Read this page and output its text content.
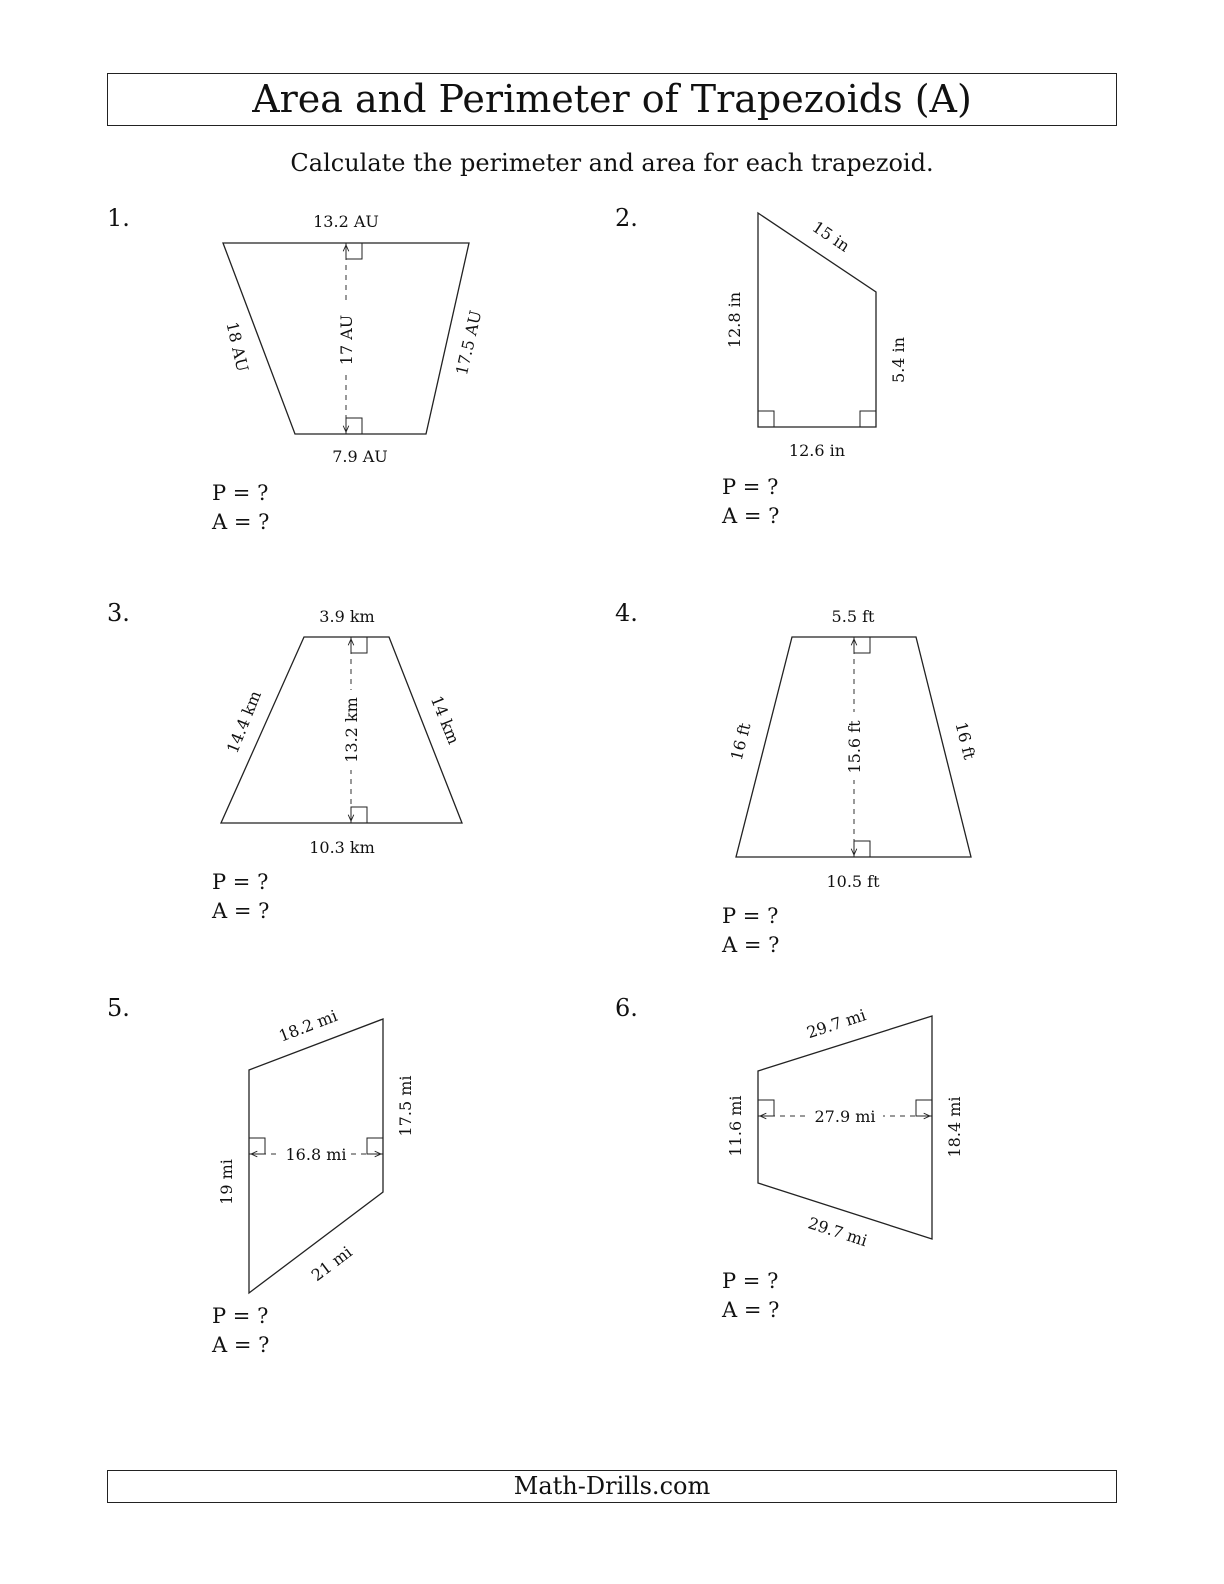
Area and Perimeter of Trapezoids (A)
Calculate the perimeter and area for each trapezoid.
1.	2.
3.	4.
5.	6.
P = ?
A = ?
P = ?
A = ?
P = ?
A = ?	P = ?
A = ?
P = ?
A = ?
P = ?
A = ?
13.2 AU
7.9 AU
18 AU	17.5 AU
17 AU
15 in
12.8 in
5.4 in
12.6 in
3.9 km
10.3 km
14.4 km	14 km
13.2 km
5.5 ft
10.5 ft
16 ft	16 ft
15.6 ft
18.2 mi
17.5 mi
19 mi
21 mi
16.8 mi
29.7 mi
11.6 mi	18.4 mi
29.7 mi
27.9 mi
Math-Drills.com
